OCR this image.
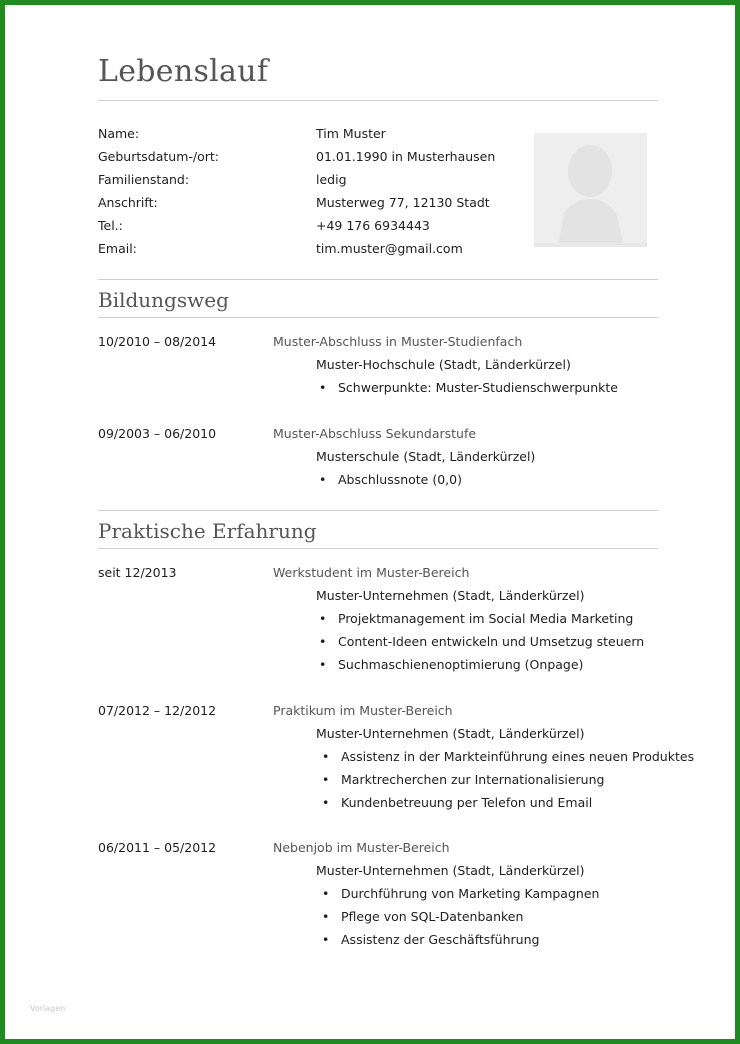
Lebenslauf
Name:	Tim Muster
Geburtsdatum-/ort:	01.01.1990 in Musterhausen
Familienstand:	ledig
Anschrift:	Musterweg 77, 12130 Stadt
Tel.:	+49 176 6934443
Email:	tim.muster@gmail.com
Bildungsweg
10/2010 – 08/2014	Muster-Abschluss in Muster-Studienfach
Muster-Hochschule (Stadt, Länderkürzel)
• Schwerpunkte: Muster-Studienschwerpunkte
09/2003 – 06/2010	Muster-Abschluss Sekundarstufe
Musterschule (Stadt, Länderkürzel)
• Abschlussnote (0,0)
Praktische Erfahrung
seit 12/2013	Werkstudent im Muster-Bereich
Muster-Unternehmen (Stadt, Länderkürzel)
• Projektmanagement im Social Media Marketing
• Content-Ideen entwickeln und Umsetzug steuern
• Suchmaschienenoptimierung (Onpage)
07/2012 – 12/2012	Praktikum im Muster-Bereich
Muster-Unternehmen (Stadt, Länderkürzel)
• Assistenz in der Markteinführung eines neuen Produktes
• Marktrecherchen zur Internationalisierung
• Kundenbetreuung per Telefon und Email
06/2011 – 05/2012	Nebenjob im Muster-Bereich
Muster-Unternehmen (Stadt, Länderkürzel)
• Durchführung von Marketing Kampagnen
• Pflege von SQL-Datenbanken
• Assistenz der Geschäftsführung
Vorlagen
